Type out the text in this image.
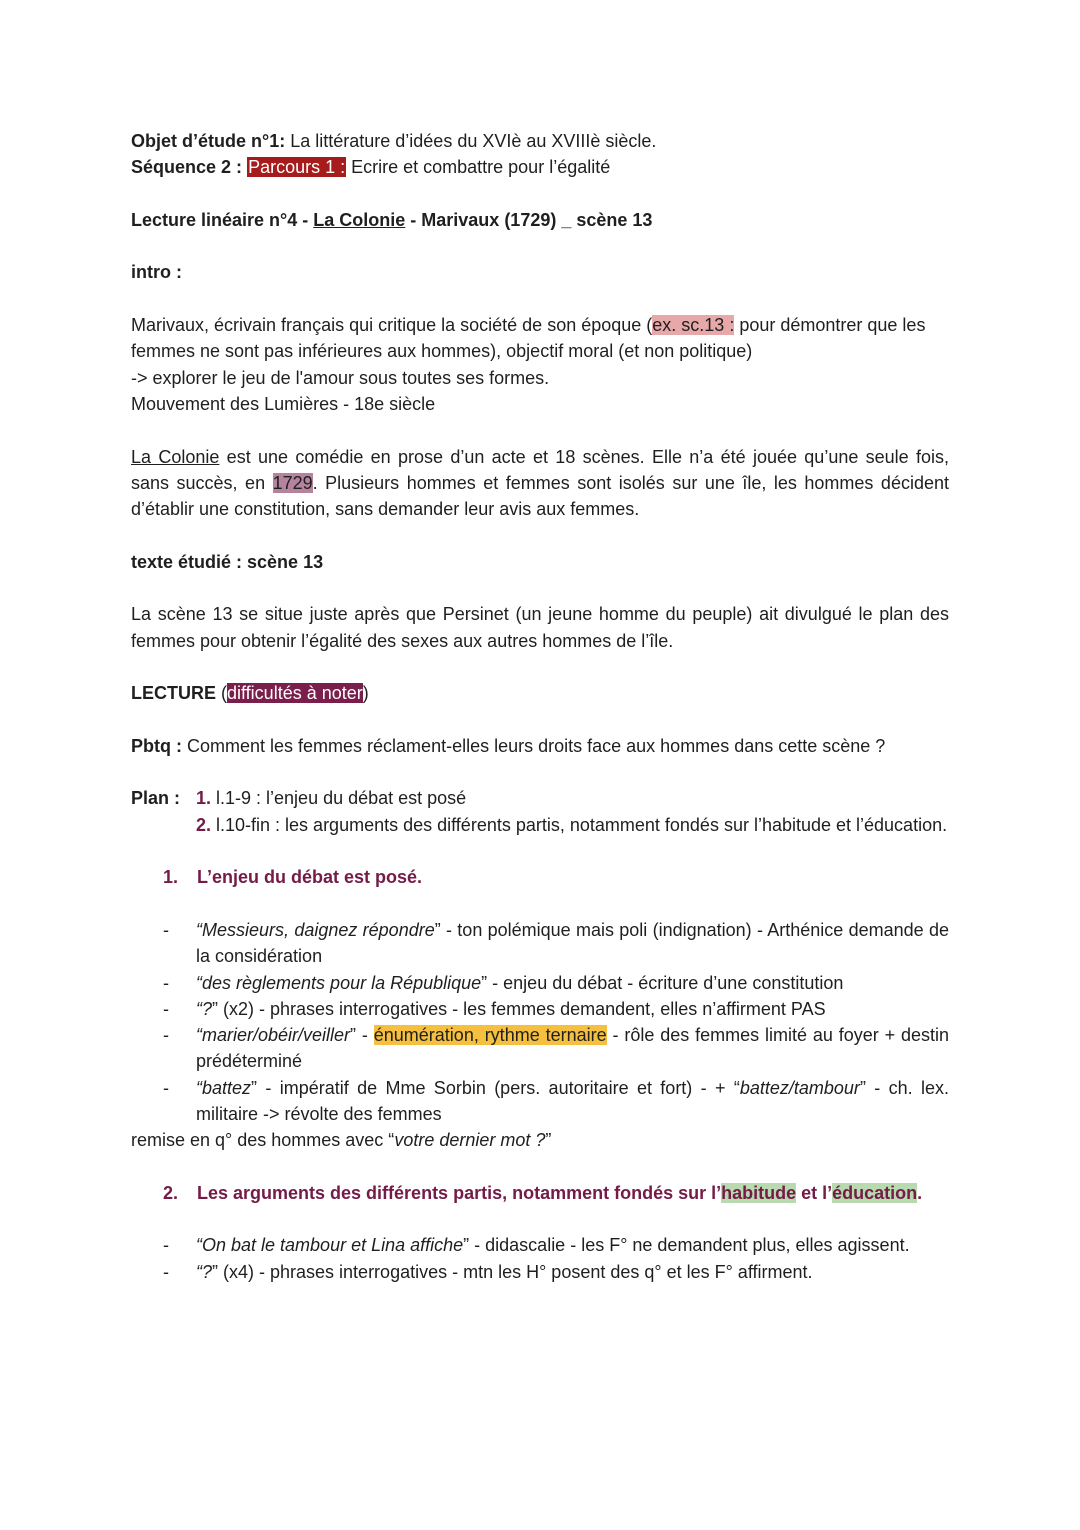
Objet d’étude n°1: La littérature d’idées du XVIè au XVIIIè siècle.

Séquence 2 : Parcours 1 : Ecrire et combattre pour l’égalité

Lecture linéaire n°4 - La Colonie - Marivaux (1729) _ scène 13

intro :

Marivaux, écrivain français qui critique la société de son époque (ex. sc.13 : pour démontrer que les femmes ne sont pas inférieures aux hommes), objectif moral (et non politique)

-> explorer le jeu de l'amour sous toutes ses formes.

Mouvement des Lumières - 18e siècle

La Colonie est une comédie en prose d’un acte et 18 scènes. Elle n’a été jouée qu’une seule fois, sans succès, en 1729. Plusieurs hommes et femmes sont isolés sur une île, les hommes décident d’établir une constitution, sans demander leur avis aux femmes.

texte étudié : scène 13

La scène 13 se situe juste après que Persinet (un jeune homme du peuple) ait divulgué le plan des femmes pour obtenir l’égalité des sexes aux autres hommes de l’île.

LECTURE (difficultés à noter)

Pbtq : Comment les femmes réclament-elles leurs droits face aux hommes dans cette scène ?

Plan : 1. l.1-9 : l’enjeu du débat est posé

2. l.10-fin : les arguments des différents partis, notamment fondés sur l’habitude et l’éducation.

1.	L’enjeu du débat est posé.
-	“Messieurs, daignez répondre” - ton polémique mais poli (indignation) - Arthénice demande de la considération
-	“des règlements pour la République” - enjeu du débat - écriture d’une constitution
-	“?” (x2) - phrases interrogatives - les femmes demandent, elles n’affirment PAS
-	“marier/obéir/veiller” - énumération, rythme ternaire - rôle des femmes limité au foyer + destin prédéterminé
-	“battez” - impératif de Mme Sorbin (pers. autoritaire et fort) - + “battez/tambour” - ch. lex. militaire -> révolte des femmes

remise en q° des hommes avec “votre dernier mot ?”

2.	Les arguments des différents partis, notamment fondés sur l’habitude et l’éducation.
-	“On bat le tambour et Lina affiche” - didascalie - les F° ne demandent plus, elles agissent.
-	“?” (x4) - phrases interrogatives - mtn les H° posent des q° et les F° affirment.
